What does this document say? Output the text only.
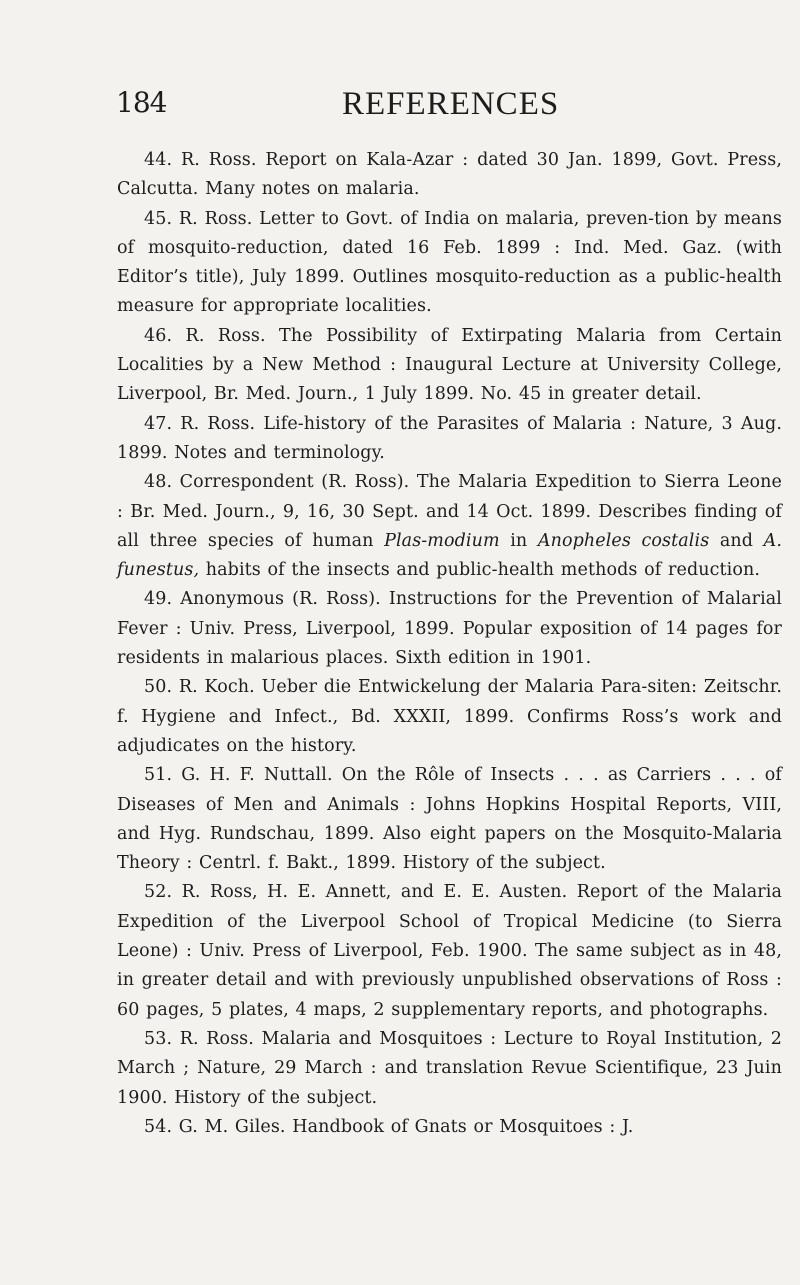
184	REFERENCES

44. R. Ross. Report on Kala-Azar : dated 30 Jan. 1899, Govt. Press, Calcutta. Many notes on malaria.

45. R. Ross. Letter to Govt. of India on malaria, preven-tion by means of mosquito-reduction, dated 16 Feb. 1899 : Ind. Med. Gaz. (with Editor’s title), July 1899. Outlines mosquito-reduction as a public-health measure for appropriate localities.

46. R. Ross. The Possibility of Extirpating Malaria from Certain Localities by a New Method : Inaugural Lecture at University College, Liverpool, Br. Med. Journ., 1 July 1899. No. 45 in greater detail.

47. R. Ross. Life-history of the Parasites of Malaria : Nature, 3 Aug. 1899. Notes and terminology.

48. Correspondent (R. Ross). The Malaria Expedition to Sierra Leone : Br. Med. Journ., 9, 16, 30 Sept. and 14 Oct. 1899. Describes finding of all three species of human Plas-modium in Anopheles costalis and A. funestus, habits of the insects and public-health methods of reduction.

49. Anonymous (R. Ross). Instructions for the Prevention of Malarial Fever : Univ. Press, Liverpool, 1899. Popular exposition of 14 pages for residents in malarious places. Sixth edition in 1901.

50. R. Koch. Ueber die Entwickelung der Malaria Para-siten: Zeitschr. f. Hygiene and Infect., Bd. XXXII, 1899. Confirms Ross’s work and adjudicates on the history.

51. G. H. F. Nuttall. On the Rôle of Insects . . . as Carriers . . . of Diseases of Men and Animals : Johns Hopkins Hospital Reports, VIII, and Hyg. Rundschau, 1899. Also eight papers on the Mosquito-Malaria Theory : Centrl. f. Bakt., 1899. History of the subject.

52. R. Ross, H. E. Annett, and E. E. Austen. Report of the Malaria Expedition of the Liverpool School of Tropical Medicine (to Sierra Leone) : Univ. Press of Liverpool, Feb. 1900. The same subject as in 48, in greater detail and with previously unpublished observations of Ross : 60 pages, 5 plates, 4 maps, 2 supplementary reports, and photographs.

53. R. Ross. Malaria and Mosquitoes : Lecture to Royal Institution, 2 March ; Nature, 29 March : and translation Revue Scientifique, 23 Juin 1900. History of the subject.

54. G. M. Giles. Handbook of Gnats or Mosquitoes : J.
